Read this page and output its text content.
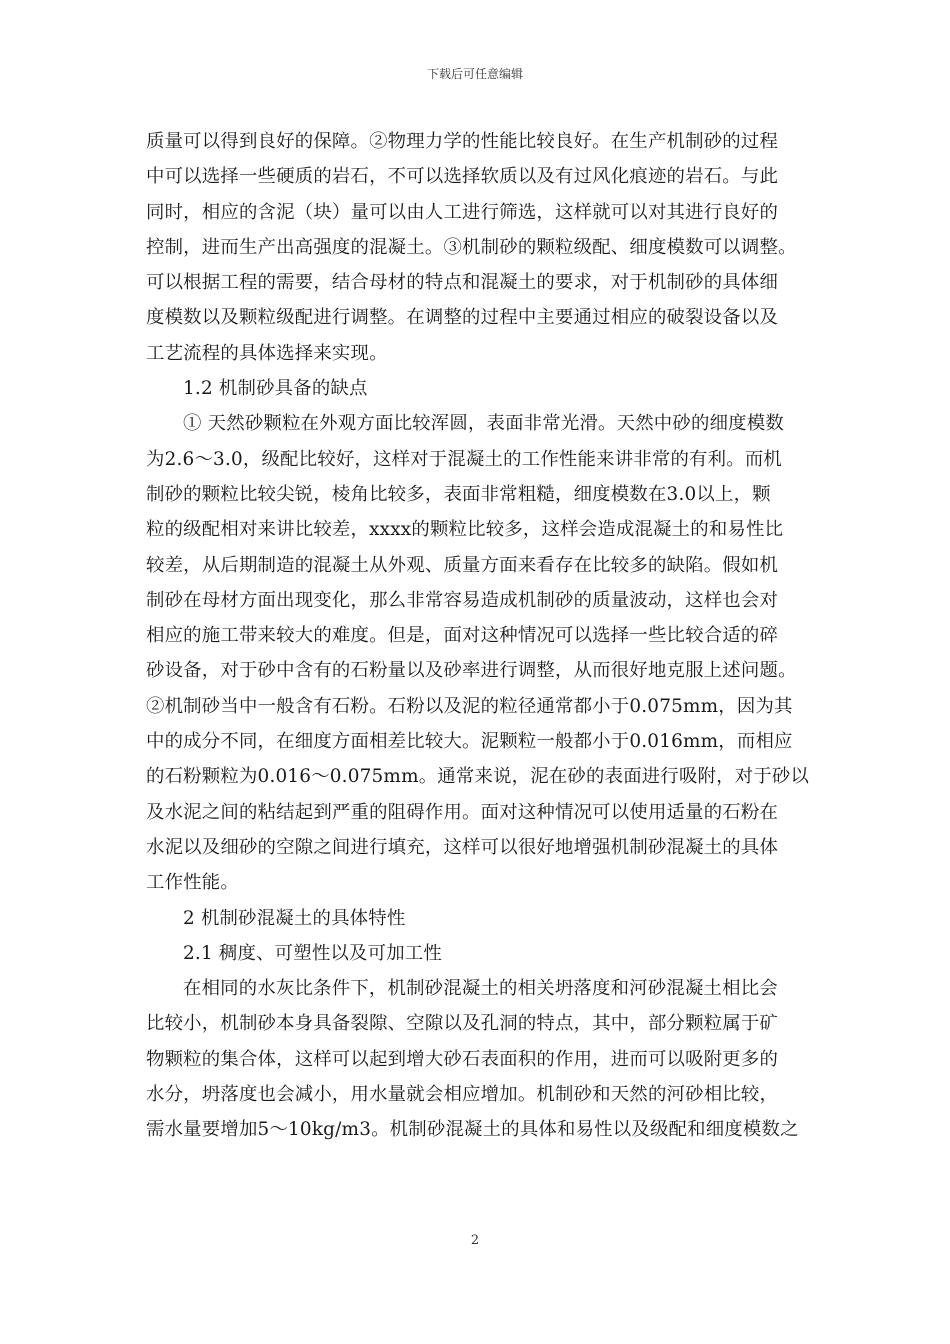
下载后可任意编辑
质量可以得到良好的保障。②物理力学的性能比较良好。在生产机制砂的过程
中可以选择一些硬质的岩石，不可以选择软质以及有过风化痕迹的岩石。与此
同时，相应的含泥（块）量可以由人工进行筛选，这样就可以对其进行良好的
控制，进而生产出高强度的混凝土。③机制砂的颗粒级配、细度模数可以调整。
可以根据工程的需要，结合母材的特点和混凝土的要求，对于机制砂的具体细
度模数以及颗粒级配进行调整。在调整的过程中主要通过相应的破裂设备以及
工艺流程的具体选择来实现。
1.2 机制砂具备的缺点
① 天然砂颗粒在外观方面比较浑圆，表面非常光滑。天然中砂的细度模数
为2.6～3.0，级配比较好，这样对于混凝土的工作性能来讲非常的有利。而机
制砂的颗粒比较尖锐，棱角比较多，表面非常粗糙，细度模数在3.0以上，颗
粒的级配相对来讲比较差，xxxx的颗粒比较多，这样会造成混凝土的和易性比
较差，从后期制造的混凝土从外观、质量方面来看存在比较多的缺陷。假如机
制砂在母材方面出现变化，那么非常容易造成机制砂的质量波动，这样也会对
相应的施工带来较大的难度。但是，面对这种情况可以选择一些比较合适的碎
砂设备，对于砂中含有的石粉量以及砂率进行调整，从而很好地克服上述问题。
②机制砂当中一般含有石粉。石粉以及泥的粒径通常都小于0.075mm，因为其
中的成分不同，在细度方面相差比较大。泥颗粒一般都小于0.016mm，而相应
的石粉颗粒为0.016～0.075mm。通常来说，泥在砂的表面进行吸附，对于砂以
及水泥之间的粘结起到严重的阻碍作用。面对这种情况可以使用适量的石粉在
水泥以及细砂的空隙之间进行填充，这样可以很好地增强机制砂混凝土的具体
工作性能。
2 机制砂混凝土的具体特性
2.1 稠度、可塑性以及可加工性
在相同的水灰比条件下，机制砂混凝土的相关坍落度和河砂混凝土相比会
比较小，机制砂本身具备裂隙、空隙以及孔洞的特点，其中，部分颗粒属于矿
物颗粒的集合体，这样可以起到增大砂石表面积的作用，进而可以吸附更多的
水分，坍落度也会减小，用水量就会相应增加。机制砂和天然的河砂相比较，
需水量要增加5～10kg/m3。机制砂混凝土的具体和易性以及级配和细度模数之
2
